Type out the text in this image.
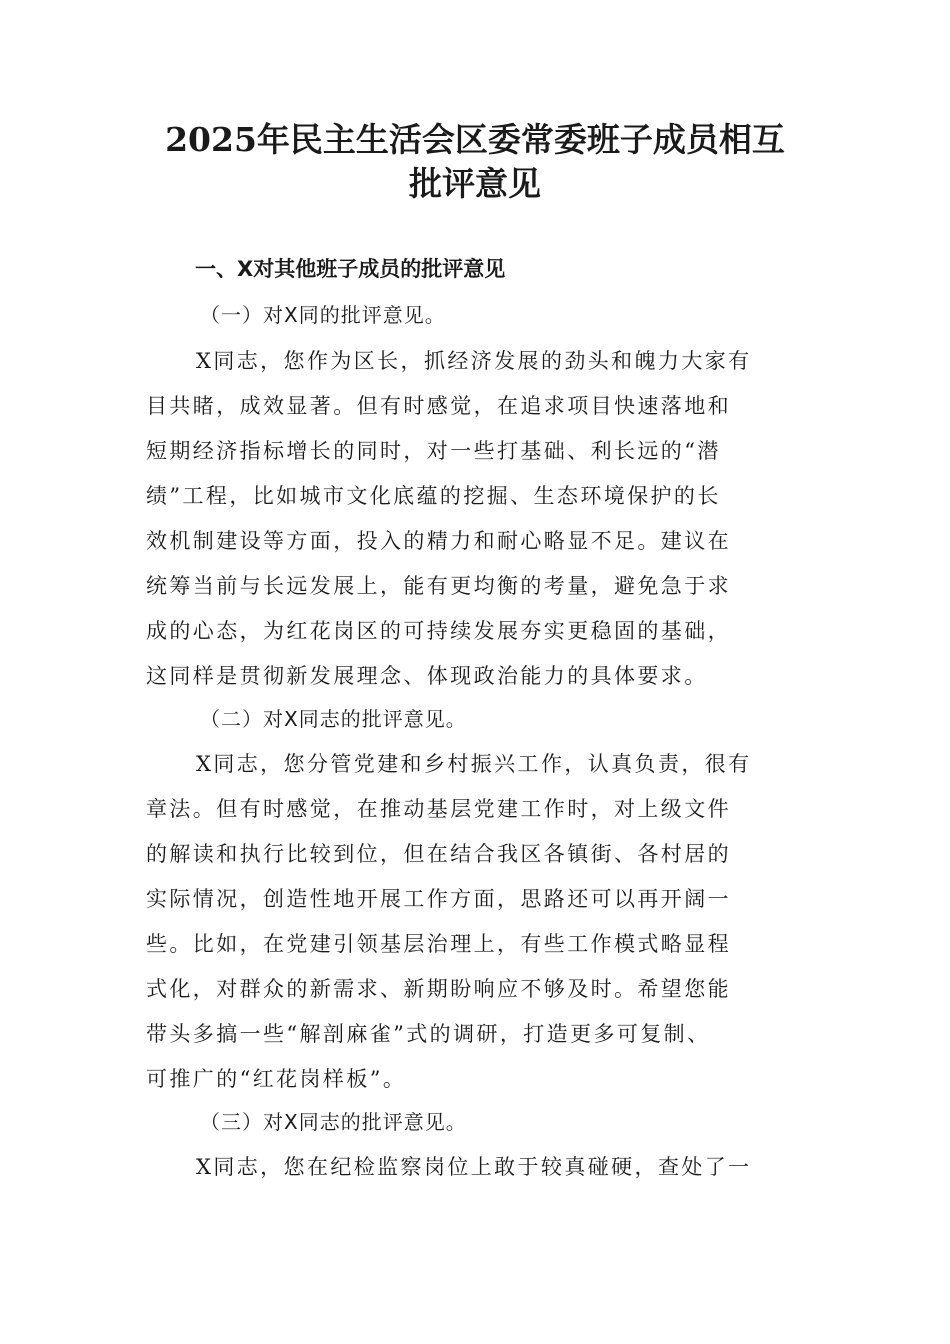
2025年民主生活会区委常委班子成员相互
批评意见

一、X对其他班子成员的批评意见

（一）对X同的批评意见。

X同志，您作为区长，抓经济发展的劲头和魄力大家有

目共睹，成效显著。但有时感觉，在追求项目快速落地和

短期经济指标增长的同时，对一些打基础、利长远的“潜

绩”工程，比如城市文化底蕴的挖掘、生态环境保护的长

效机制建设等方面，投入的精力和耐心略显不足。建议在

统筹当前与长远发展上，能有更均衡的考量，避免急于求

成的心态，为红花岗区的可持续发展夯实更稳固的基础，

这同样是贯彻新发展理念、体现政治能力的具体要求。

（二）对X同志的批评意见。

X同志，您分管党建和乡村振兴工作，认真负责，很有

章法。但有时感觉，在推动基层党建工作时，对上级文件

的解读和执行比较到位，但在结合我区各镇街、各村居的

实际情况，创造性地开展工作方面，思路还可以再开阔一

些。比如，在党建引领基层治理上，有些工作模式略显程

式化，对群众的新需求、新期盼响应不够及时。希望您能

带头多搞一些“解剖麻雀”式的调研，打造更多可复制、

可推广的“红花岗样板”。

（三）对X同志的批评意见。

X同志，您在纪检监察岗位上敢于较真碰硬，查处了一
